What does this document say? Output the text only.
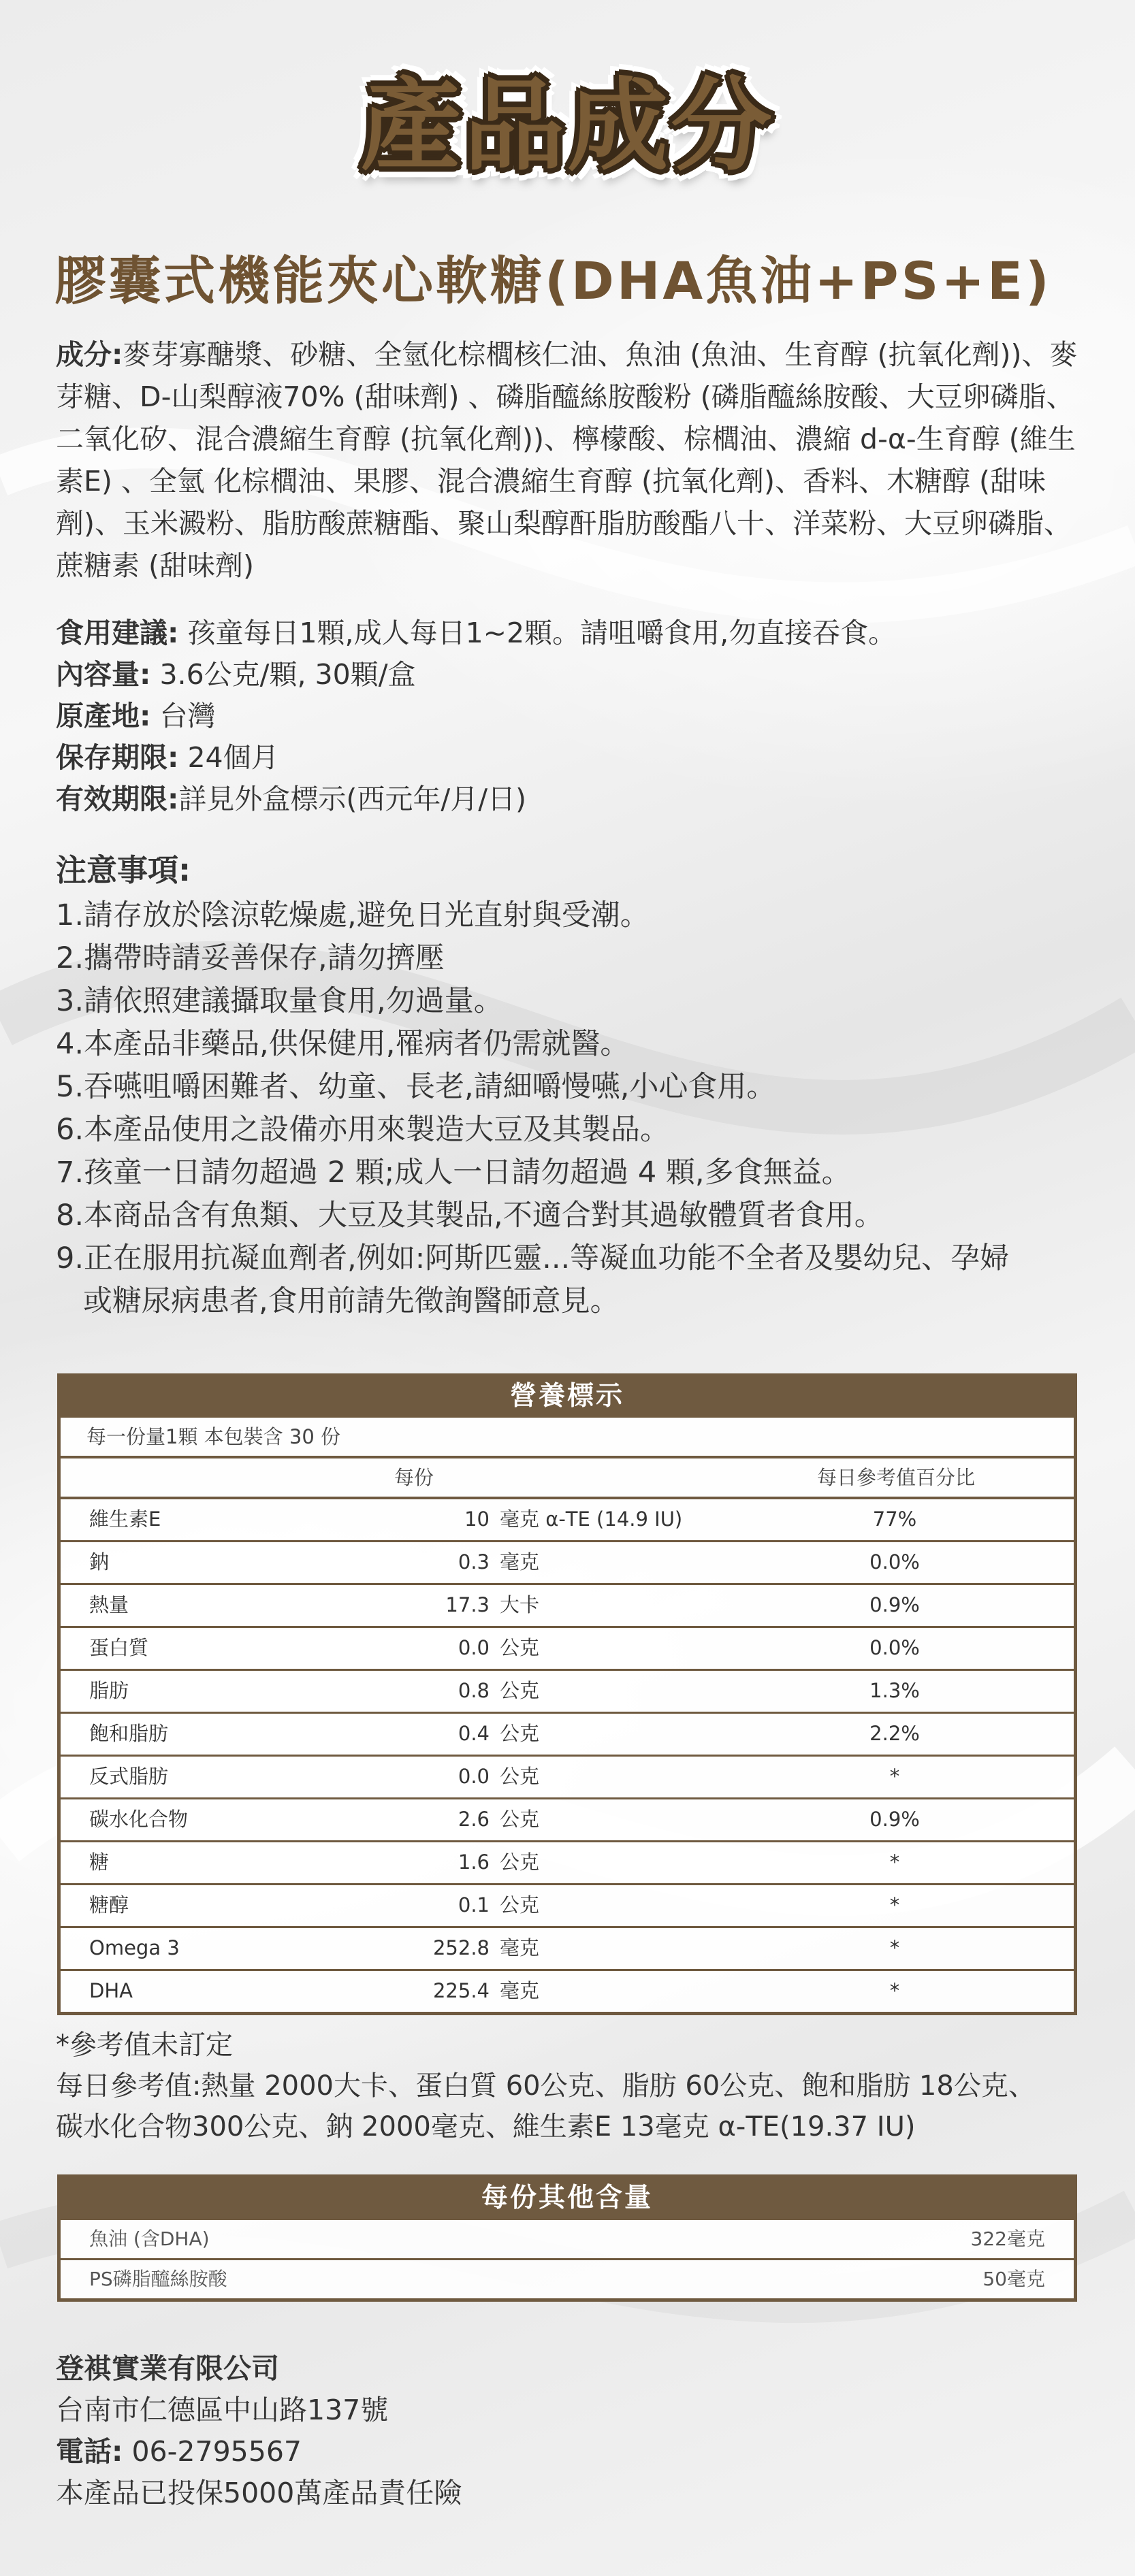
產品成分
膠囊式機能夾心軟糖(DHA魚油+PS+E)
成分:麥芽寡醣漿、砂糖、全氫化棕櫚核仁油、魚油 (魚油、生育醇 (抗氧化劑))、麥芽糖、D-山梨醇液70% (甜味劑) 、磷脂醯絲胺酸粉 (磷脂醯絲胺酸、大豆卵磷脂、二氧化矽、混合濃縮生育醇 (抗氧化劑))、檸檬酸、棕櫚油、濃縮 d-α-生育醇 (維生素E) 、全氫 化棕櫚油、果膠、混合濃縮生育醇 (抗氧化劑)、香料、木糖醇 (甜味劑)、玉米澱粉、脂肪酸蔗糖酯、聚山梨醇酐脂肪酸酯八十、洋菜粉、大豆卵磷脂、蔗糖素 (甜味劑)
食用建議: 孩童每日1顆,成人每日1~2顆。請咀嚼食用,勿直接吞食。
內容量: 3.6公克/顆, 30顆/盒
原產地: 台灣
保存期限: 24個月
有效期限:詳見外盒標示(西元年/月/日)
注意事項:
1.請存放於陰涼乾燥處,避免日光直射與受潮。
2.攜帶時請妥善保存,請勿擠壓
3.請依照建議攝取量食用,勿過量。
4.本產品非藥品,供保健用,罹病者仍需就醫。
5.吞嚥咀嚼困難者、幼童、長老,請細嚼慢嚥,小心食用。
6.本產品使用之設備亦用來製造大豆及其製品。
7.孩童一日請勿超過 2 顆;成人一日請勿超過 4 顆,多食無益。
8.本商品含有魚類、大豆及其製品,不適合對其過敏體質者食用。
9.正在服用抗凝血劑者,例如:阿斯匹靈...等凝血功能不全者及嬰幼兒、孕婦
或糖尿病患者,食用前請先徵詢醫師意見。
營養標示
每一份量1顆 本包裝含 30 份
每份	每日參考值百分比
維生素E	10 毫克 α-TE (14.9 IU)	77%
鈉	0.3 毫克	0.0%
熱量	17.3 大卡	0.9%
蛋白質	0.0 公克	0.0%
脂肪	0.8 公克	1.3%
飽和脂肪	0.4 公克	2.2%
反式脂肪	0.0 公克	*
碳水化合物	2.6 公克	0.9%
糖	1.6 公克	*
糖醇	0.1 公克	*
Omega 3	252.8 毫克	*
DHA	225.4 毫克	*
*參考值未訂定
每日參考值:熱量 2000大卡、蛋白質 60公克、脂肪 60公克、飽和脂肪 18公克、
碳水化合物300公克、鈉 2000毫克、維生素E 13毫克 α-TE(19.37 IU)
每份其他含量
魚油 (含DHA)	322毫克
PS磷脂醯絲胺酸	50毫克
登褀實業有限公司
台南市仁德區中山路137號
電話: 06-2795567
本產品已投保5000萬產品責任險
